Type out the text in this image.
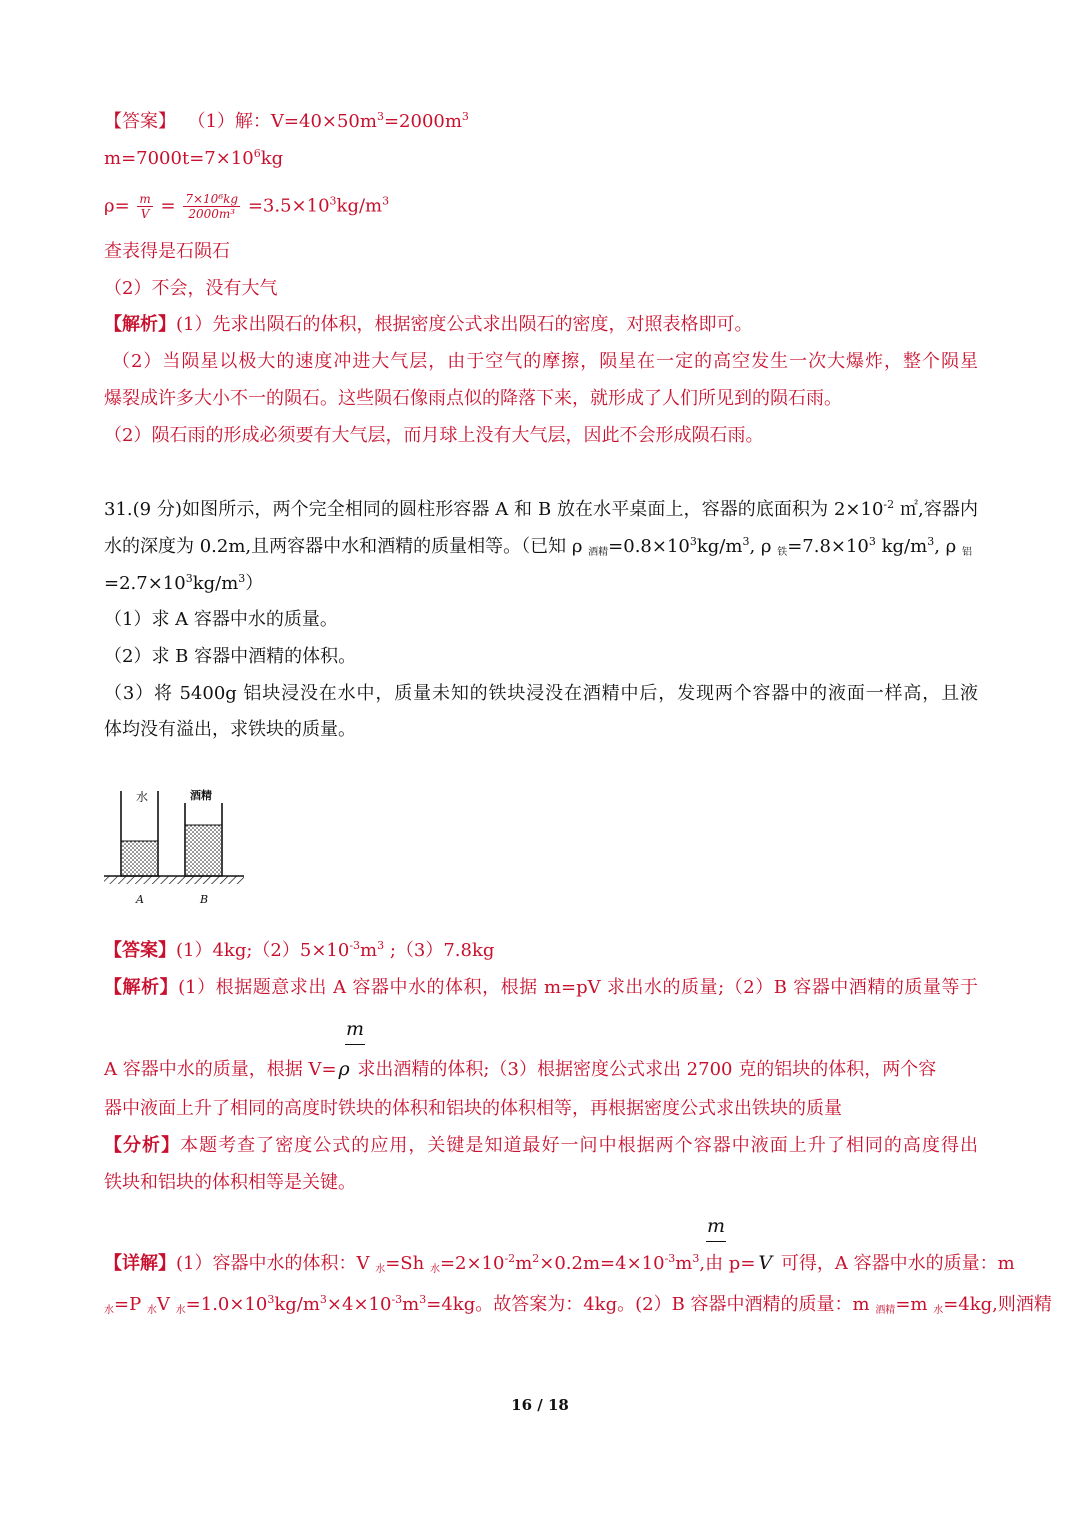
【答案】 （1）解：$V=40\times 50m^3=2000m^3$
$m=7000t=7\times 10^6kg$
$\rho= \frac{m}{V} = \frac{\text{7×10⁶kg}}{\text{2000m³}} =3.5\times 10^3kg/m^3$
查表得是石陨石
（2）不会，没有大气
【解析】(1）先求出陨石的体积，根据密度公式求出陨石的密度，对照表格即可。
（2）当陨星以极大的速度冲进大气层，由于空气的摩擦，陨星在一定的高空发生一次大爆炸，整个陨星
爆裂成许多大小不一的陨石。这些陨石像雨点似的降落下来，就形成了人们所见到的陨石雨。
（2）陨石雨的形成必须要有大气层，而月球上没有大气层，因此不会形成陨石雨。
31.(9 分)如图所示，两个完全相同的圆柱形容器 A 和 B 放在水平桌面上，容器的底面积为 $2\times 10^{-2}$ ㎡,容器内
水的深度为 0.2m,且两容器中水和酒精的质量相等。（已知 ρ $_{酒精}=0.8\times 10^3kg/m^3$, ρ $_铁=7.8\times 10^3$ $kg/m^3$, ρ $_铝$
$=2.7\times 10^3kg/m^3$）
（1）求 A 容器中水的质量。
（2）求 B 容器中酒精的体积。
（3）将 5400g 铝块浸没在水中，质量未知的铁块浸没在酒精中后，发现两个容器中的液面一样高，且液
体均没有溢出，求铁块的质量。
水	酒精
A	B
【答案】$(1)4kg;(2)5\times 10^{-3}m^3$ ;（3）7.8kg
【解析】(1）根据题意求出 A 容器中水的体积，根据 m=pV 求出水的质量;（2）B 容器中酒精的质量等于
m
A 容器中水的质量，根据 V= ρ 求出酒精的体积;（3）根据密度公式求出 2700 克的铝块的体积，两个容
器中液面上升了相同的高度时铁块的体积和铝块的体积相等，再根据密度公式求出铁块的质量
【分析】本题考查了密度公式的应用，关键是知道最好一问中根据两个容器中液面上升了相同的高度得出
铁块和铝块的体积相等是关键。
m
【详解】(1）容器中水的体积：V $_水$=Sh $_水=2\times 10^{-2}m^2\times 0.2m=4\times 10^{-3}m^3$,由 p= V 可得，A 容器中水的质量：m
$_水$=P $_水$V $_水=1.0\times 10^3kg/m^3\times 4\times 10^{-3}m^3=4kg$。故答案为：4kg。(2）B 容器中酒精的质量：m $_{酒精}$=m $_水$=4kg,则酒精
16 / 18
